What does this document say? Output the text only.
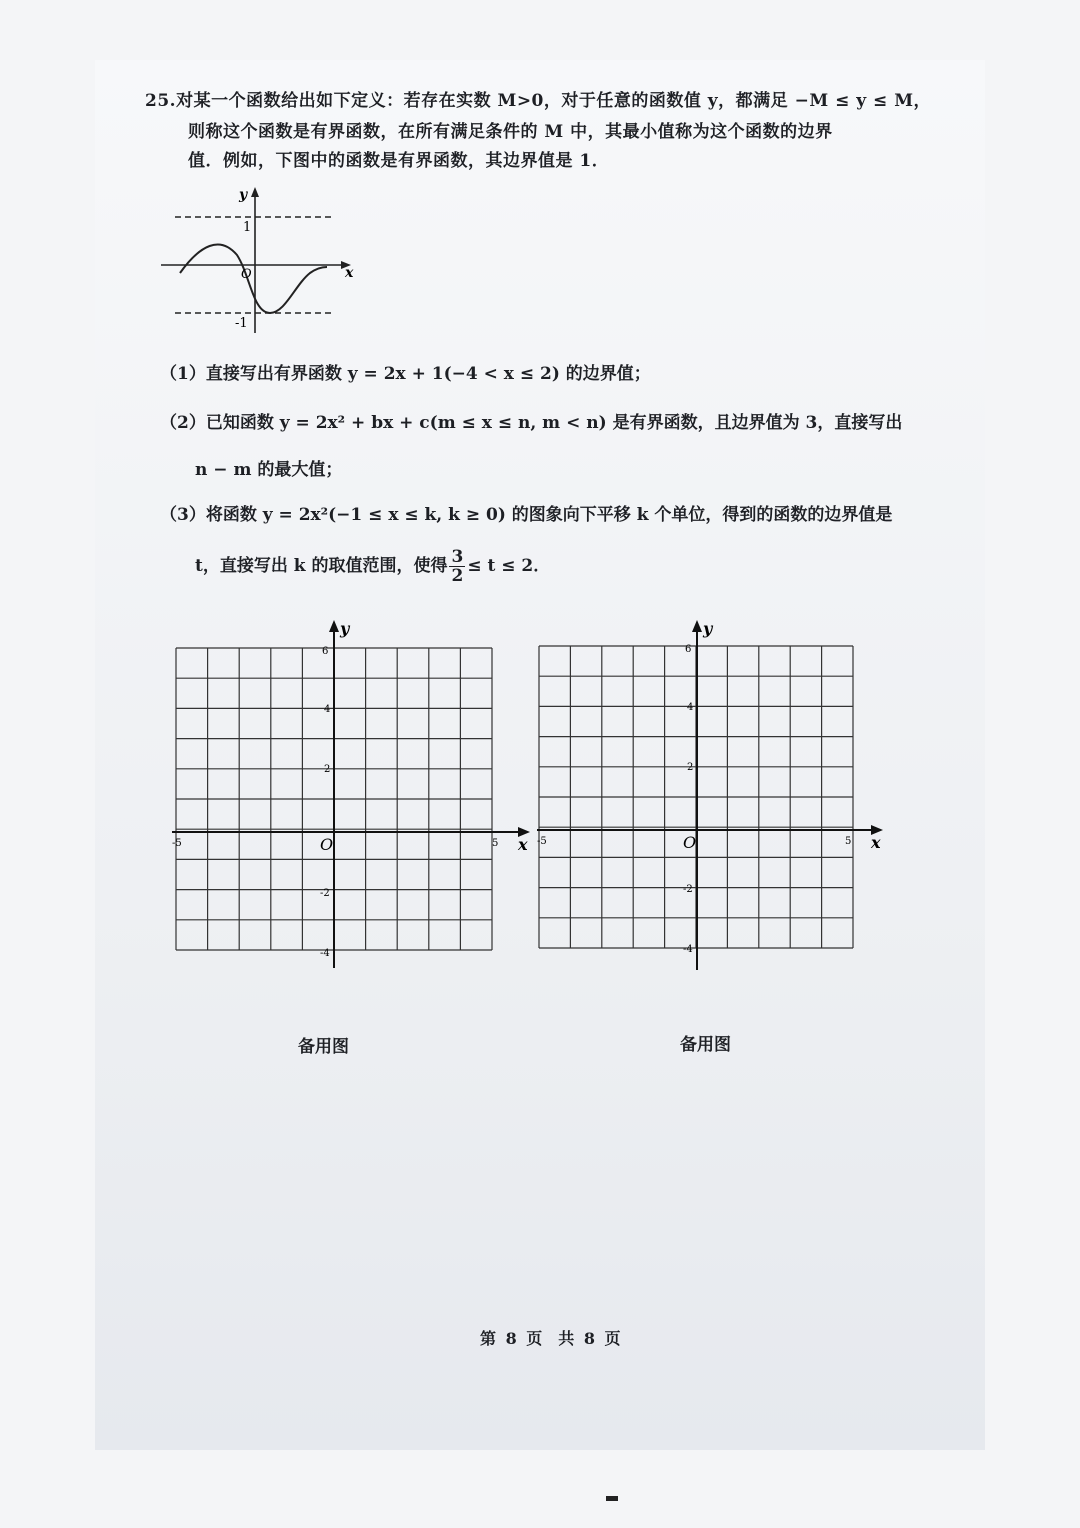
25.对某一个函数给出如下定义：若存在实数 M>0，对于任意的函数值 y，都满足 −M ≤ y ≤ M，
则称这个函数是有界函数，在所有满足条件的 M 中，其最小值称为这个函数的边界
值．例如，下图中的函数是有界函数，其边界值是 1．
y
x
O
1
-1
（1）直接写出有界函数 y = 2x + 1(−4 < x ≤ 2) 的边界值；
（2）已知函数 y = 2x² + bx + c(m ≤ x ≤ n, m < n) 是有界函数，且边界值为 3，直接写出
n − m 的最大值；
（3）将函数 y = 2x²(−1 ≤ x ≤ k, k ≥ 0) 的图象向下平移 k 个单位，得到的函数的边界值是
t，直接写出 k 的取值范围，使得 $\frac{3}{2} \le t \le 2$．
y
x
O
6
4
2
-2
-4
-5	5
y
x
O
6
4
2
-2
-4
-5	5
备用图	备用图
第 8 页　共 8 页
